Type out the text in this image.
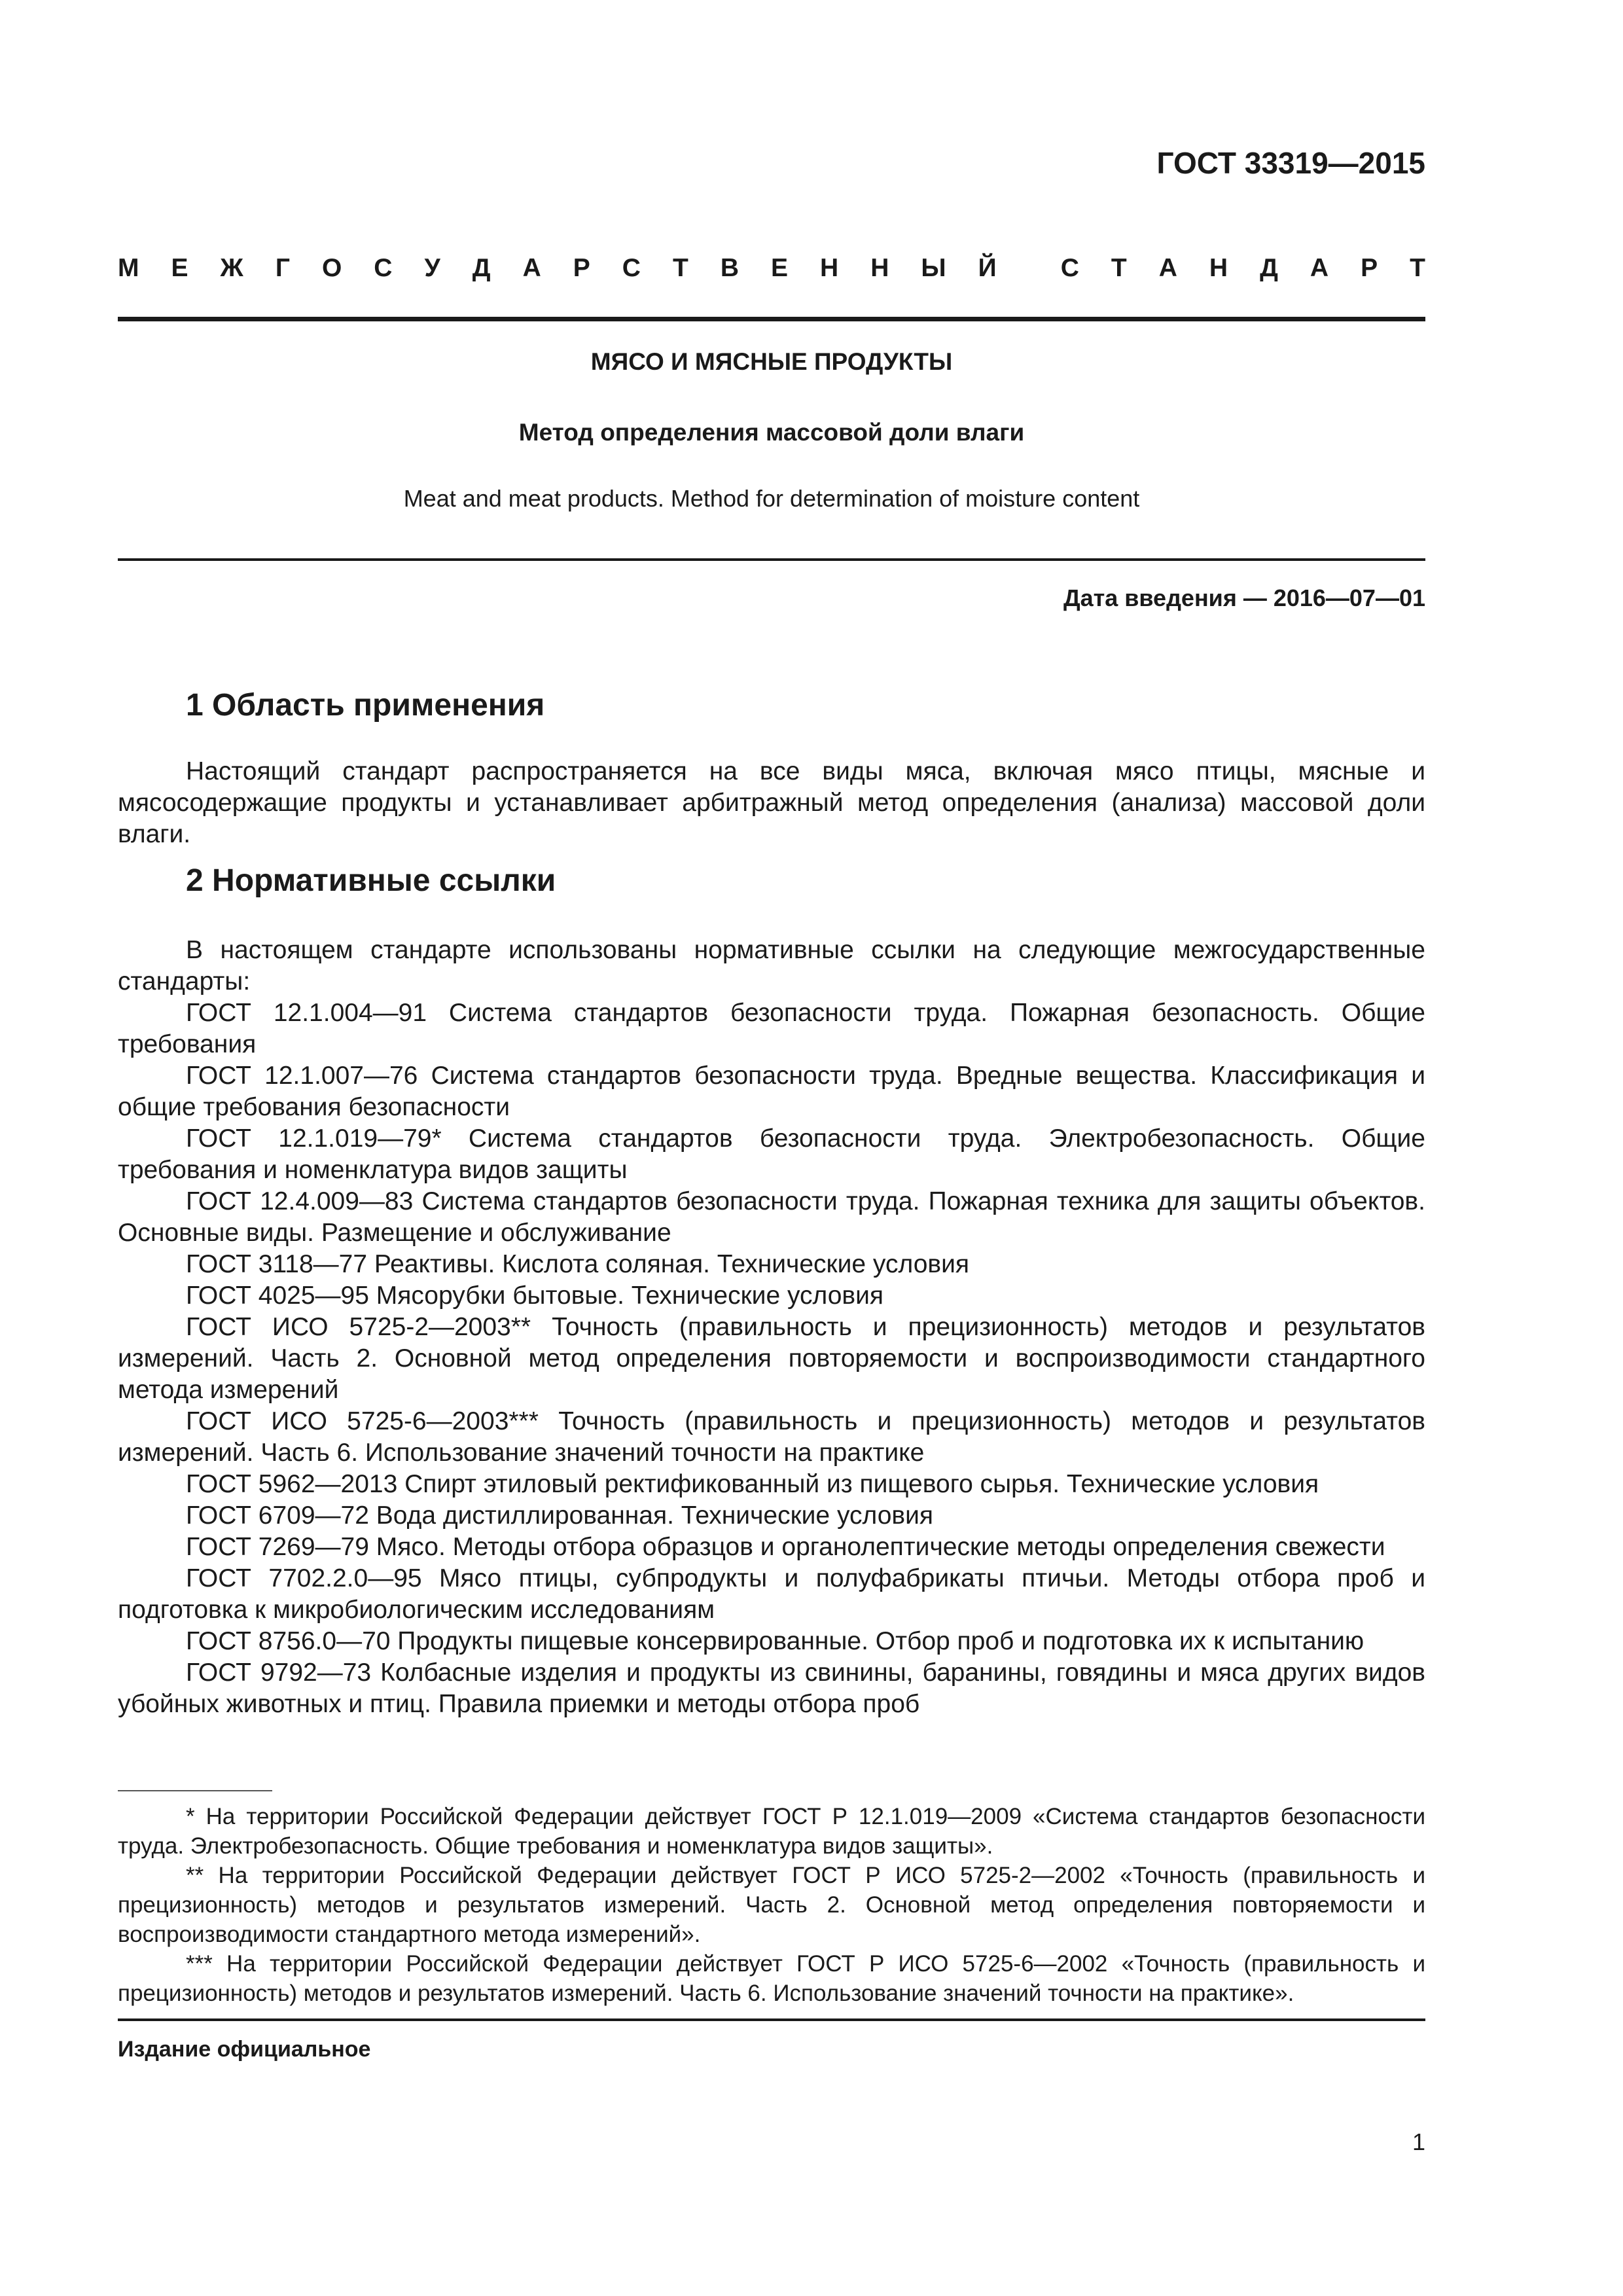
ГОСТ 33319—2015
М Е Ж Г О С У Д А Р С Т В Е Н Н Ы Й	С Т А Н Д А Р Т
МЯСО И МЯСНЫЕ ПРОДУКТЫ
Метод определения массовой доли влаги
Meat and meat products. Method for determination of moisture content
Дата введения — 2016—07—01
1 Область применения

Настоящий стандарт распространяется на все виды мяса, включая мясо птицы, мясные и мясосодержащие продукты и устанавливает арбитражный метод определения (анализа) массовой доли влаги.

2 Нормативные ссылки

В настоящем стандарте использованы нормативные ссылки на следующие межгосударственные стандарты:

ГОСТ 12.1.004—91 Система стандартов безопасности труда. Пожарная безопасность. Общие требования

ГОСТ 12.1.007—76 Система стандартов безопасности труда. Вредные вещества. Классификация и общие требования безопасности

ГОСТ 12.1.019—79* Система стандартов безопасности труда. Электробезопасность. Общие требования и номенклатура видов защиты

ГОСТ 12.4.009—83 Система стандартов безопасности труда. Пожарная техника для защиты объектов. Основные виды. Размещение и обслуживание

ГОСТ 3118—77 Реактивы. Кислота соляная. Технические условия

ГОСТ 4025—95 Мясорубки бытовые. Технические условия

ГОСТ ИСО 5725-2—2003** Точность (правильность и прецизионность) методов и результатов измерений. Часть 2. Основной метод определения повторяемости и воспроизводимости стандартного метода измерений

ГОСТ ИСО 5725-6—2003*** Точность (правильность и прецизионность) методов и результатов измерений. Часть 6. Использование значений точности на практике

ГОСТ 5962—2013 Спирт этиловый ректификованный из пищевого сырья. Технические условия

ГОСТ 6709—72 Вода дистиллированная. Технические условия

ГОСТ 7269—79 Мясо. Методы отбора образцов и органолептические методы определения свежести

ГОСТ 7702.2.0—95 Мясо птицы, субпродукты и полуфабрикаты птичьи. Методы отбора проб и подготовка к микробиологическим исследованиям

ГОСТ 8756.0—70 Продукты пищевые консервированные. Отбор проб и подготовка их к испытанию

ГОСТ 9792—73 Колбасные изделия и продукты из свинины, баранины, говядины и мяса других видов убойных животных и птиц. Правила приемки и методы отбора проб

* На территории Российской Федерации действует ГОСТ Р 12.1.019—2009 «Система стандартов безопасности труда. Электробезопасность. Общие требования и номенклатура видов защиты».

** На территории Российской Федерации действует ГОСТ Р ИСО 5725-2—2002 «Точность (правильность и прецизионность) методов и результатов измерений. Часть 2. Основной метод определения повторяемости и воспроизводимости стандартного метода измерений».

*** На территории Российской Федерации действует ГОСТ Р ИСО 5725-6—2002 «Точность (правильность и прецизионность) методов и результатов измерений. Часть 6. Использование значений точности на практике».

Издание официальное
1
